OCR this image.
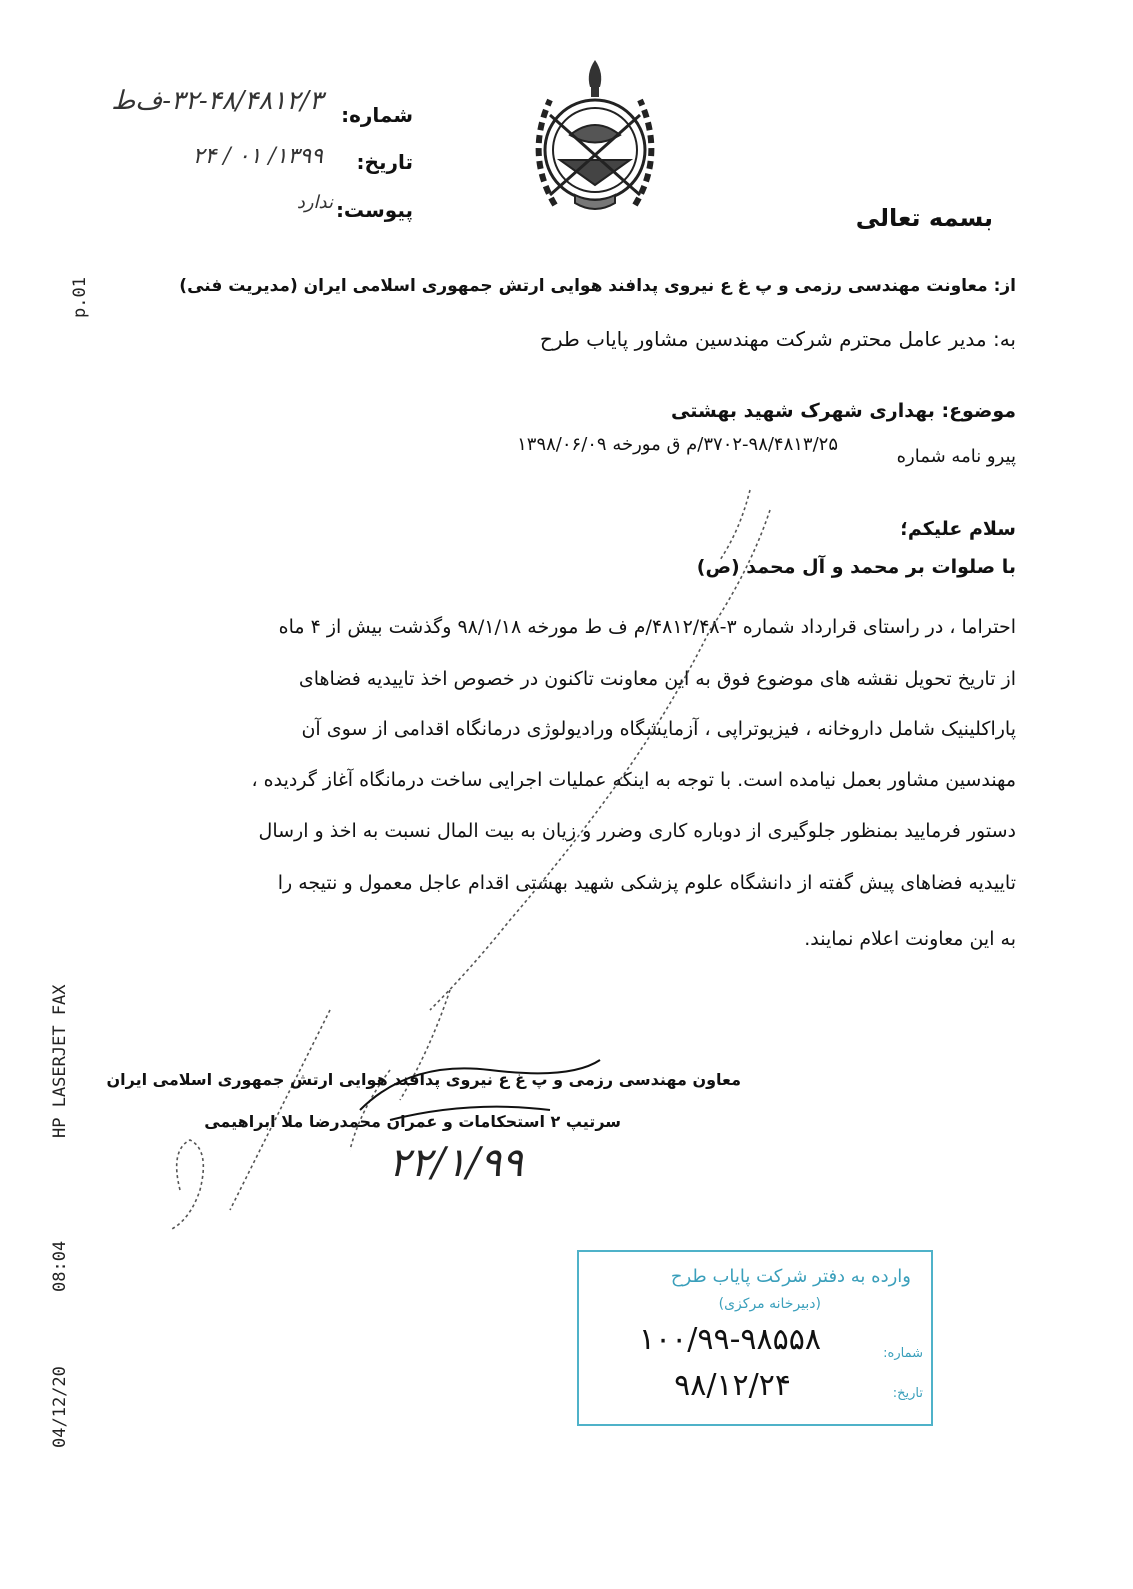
p.01
HP LASERJET FAX
08:04
04/12/20
شماره:
۳۲-۴۸/۴۸۱۲/۳-ف‌ط
تاریخ:
۱۳۹۹/ ۰۱ / ۲۴
پیوست:
ندارد
بسمه تعالی
از: معاونت مهندسی رزمی و پ غ ع نیروی پدافند هوایی ارتش جمهوری اسلامی ایران (مدیریت فنی)
به: مدیر عامل محترم شرکت مهندسین مشاور پایاب طرح
موضوع: بهداری شهرک شهید بهشتی
پیرو نامه شماره
۳۷۰۲-۹۸/۴۸۱۳/۲۵/م ق مورخه ۱۳۹۸/۰۶/۰۹
سلام علیکم؛
با صلوات بر محمد و آل محمد (ص)
احتراما ، در راستای قرارداد شماره ۳-۴۸۱۲/۴۸/م ف ط مورخه ۹۸/۱/۱۸ وگذشت بیش از ۴ ماه
از تاریخ تحویل نقشه های موضوع فوق به این معاونت تاکنون در خصوص اخذ تاییدیه فضاهای
پاراکلینیک شامل داروخانه ، فیزیوتراپی ، آزمایشگاه ورادیولوژی درمانگاه اقدامی از سوی آن
مهندسین مشاور بعمل نیامده است. با توجه به اینکه عملیات اجرایی ساخت درمانگاه آغاز گردیده ،
دستور فرمایید بمنظور جلوگیری از دوباره کاری وضرر و زیان به بیت المال نسبت به اخذ و ارسال
تاییدیه فضاهای پیش گفته از دانشگاه علوم پزشکی شهید بهشتی اقدام عاجل معمول و نتیجه را
به این معاونت اعلام نمایند.
معاون مهندسی رزمی و پ غ ع نیروی پدافند هوایی ارتش جمهوری اسلامی ایران
سرتیپ ۲ استحکامات و عمران محمدرضا ملا ابراهیمی
۲۲/۱/۹۹
وارده به دفتر شرکت پایاب طرح
(دبیرخانه مرکزی)
شماره:
۱۰۰/۹۹-۹۸۵۵۸
تاریخ:
۹۸/۱۲/۲۴
